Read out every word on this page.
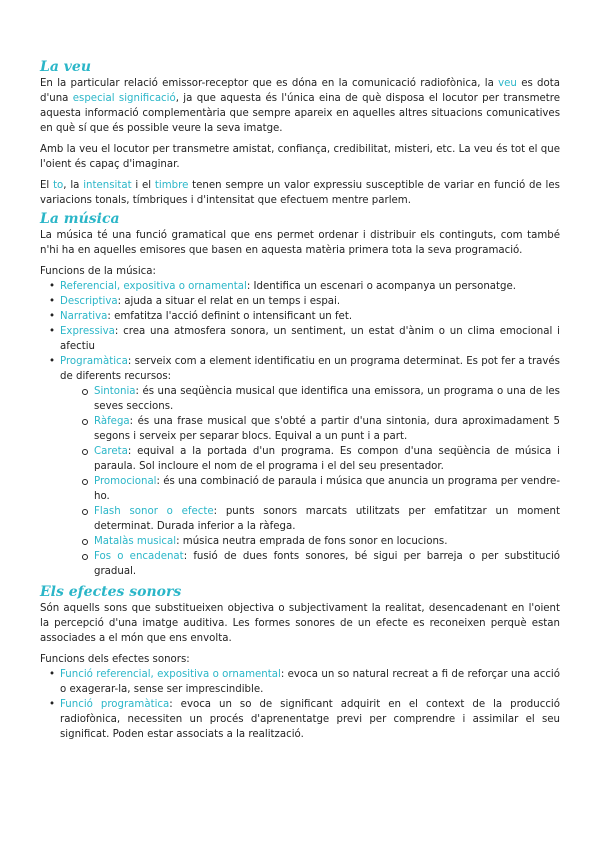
La veu

En la particular relació emissor-receptor que es dóna en la comunicació radiofònica, la veu es dota d'una especial significació, ja que aquesta és l'única eina de què disposa el locutor per transmetre aquesta informació complementària que sempre apareix en aquelles altres situacions comunicatives en què sí que és possible veure la seva imatge.

Amb la veu el locutor per transmetre amistat, confiança, credibilitat, misteri, etc. La veu és tot el que l'oient és capaç d'imaginar.

El to, la intensitat i el timbre tenen sempre un valor expressiu susceptible de variar en funció de les variacions tonals, tímbriques i d'intensitat que efectuem mentre parlem.

La música

La música té una funció gramatical que ens permet ordenar i distribuir els continguts, com també n'hi ha en aquelles emisores que basen en aquesta matèria primera tota la seva programació.

Funcions de la música:
• Referencial, expositiva o ornamental: Identifica un escenari o acompanya un personatge.
• Descriptiva: ajuda a situar el relat en un temps i espai.
• Narrativa: emfatitza l'acció definint o intensificant un fet.
• Expressiva: crea una atmosfera sonora, un sentiment, un estat d'ànim o un clima emocional i afectiu
• Programàtica: serveix com a element identificatiu en un programa determinat. Es pot fer a través de diferents recursos:
Sintonia: és una seqüència musical que identifica una emissora, un programa o una de les seves seccions.
Ràfega: és una frase musical que s'obté a partir d'una sintonia, dura aproximadament 5 segons i serveix per separar blocs. Equival a un punt i a part.
Careta: equival a la portada d'un programa. Es compon d'una seqüència de música i paraula. Sol incloure el nom de el programa i el del seu presentador.
Promocional: és una combinació de paraula i música que anuncia un programa per vendre-ho.
Flash sonor o efecte: punts sonors marcats utilitzats per emfatitzar un moment determinat. Durada inferior a la ràfega.
Matalàs musical: música neutra emprada de fons sonor en locucions.
Fos o encadenat: fusió de dues fonts sonores, bé sigui per barreja o per substitució gradual.
Els efectes sonors

Són aquells sons que substitueixen objectiva o subjectivament la realitat, desencadenant en l'oient la percepció d'una imatge auditiva. Les formes sonores de un efecte es reconeixen perquè estan associades a el món que ens envolta.

Funcions dels efectes sonors:
• Funció referencial, expositiva o ornamental: evoca un so natural recreat a fi de reforçar una acció o exagerar-la, sense ser imprescindible.
• Funció programàtica: evoca un so de significant adquirit en el context de la producció radiofònica, necessiten un procés d'aprenentatge previ per comprendre i assimilar el seu significat. Poden estar associats a la realització.
